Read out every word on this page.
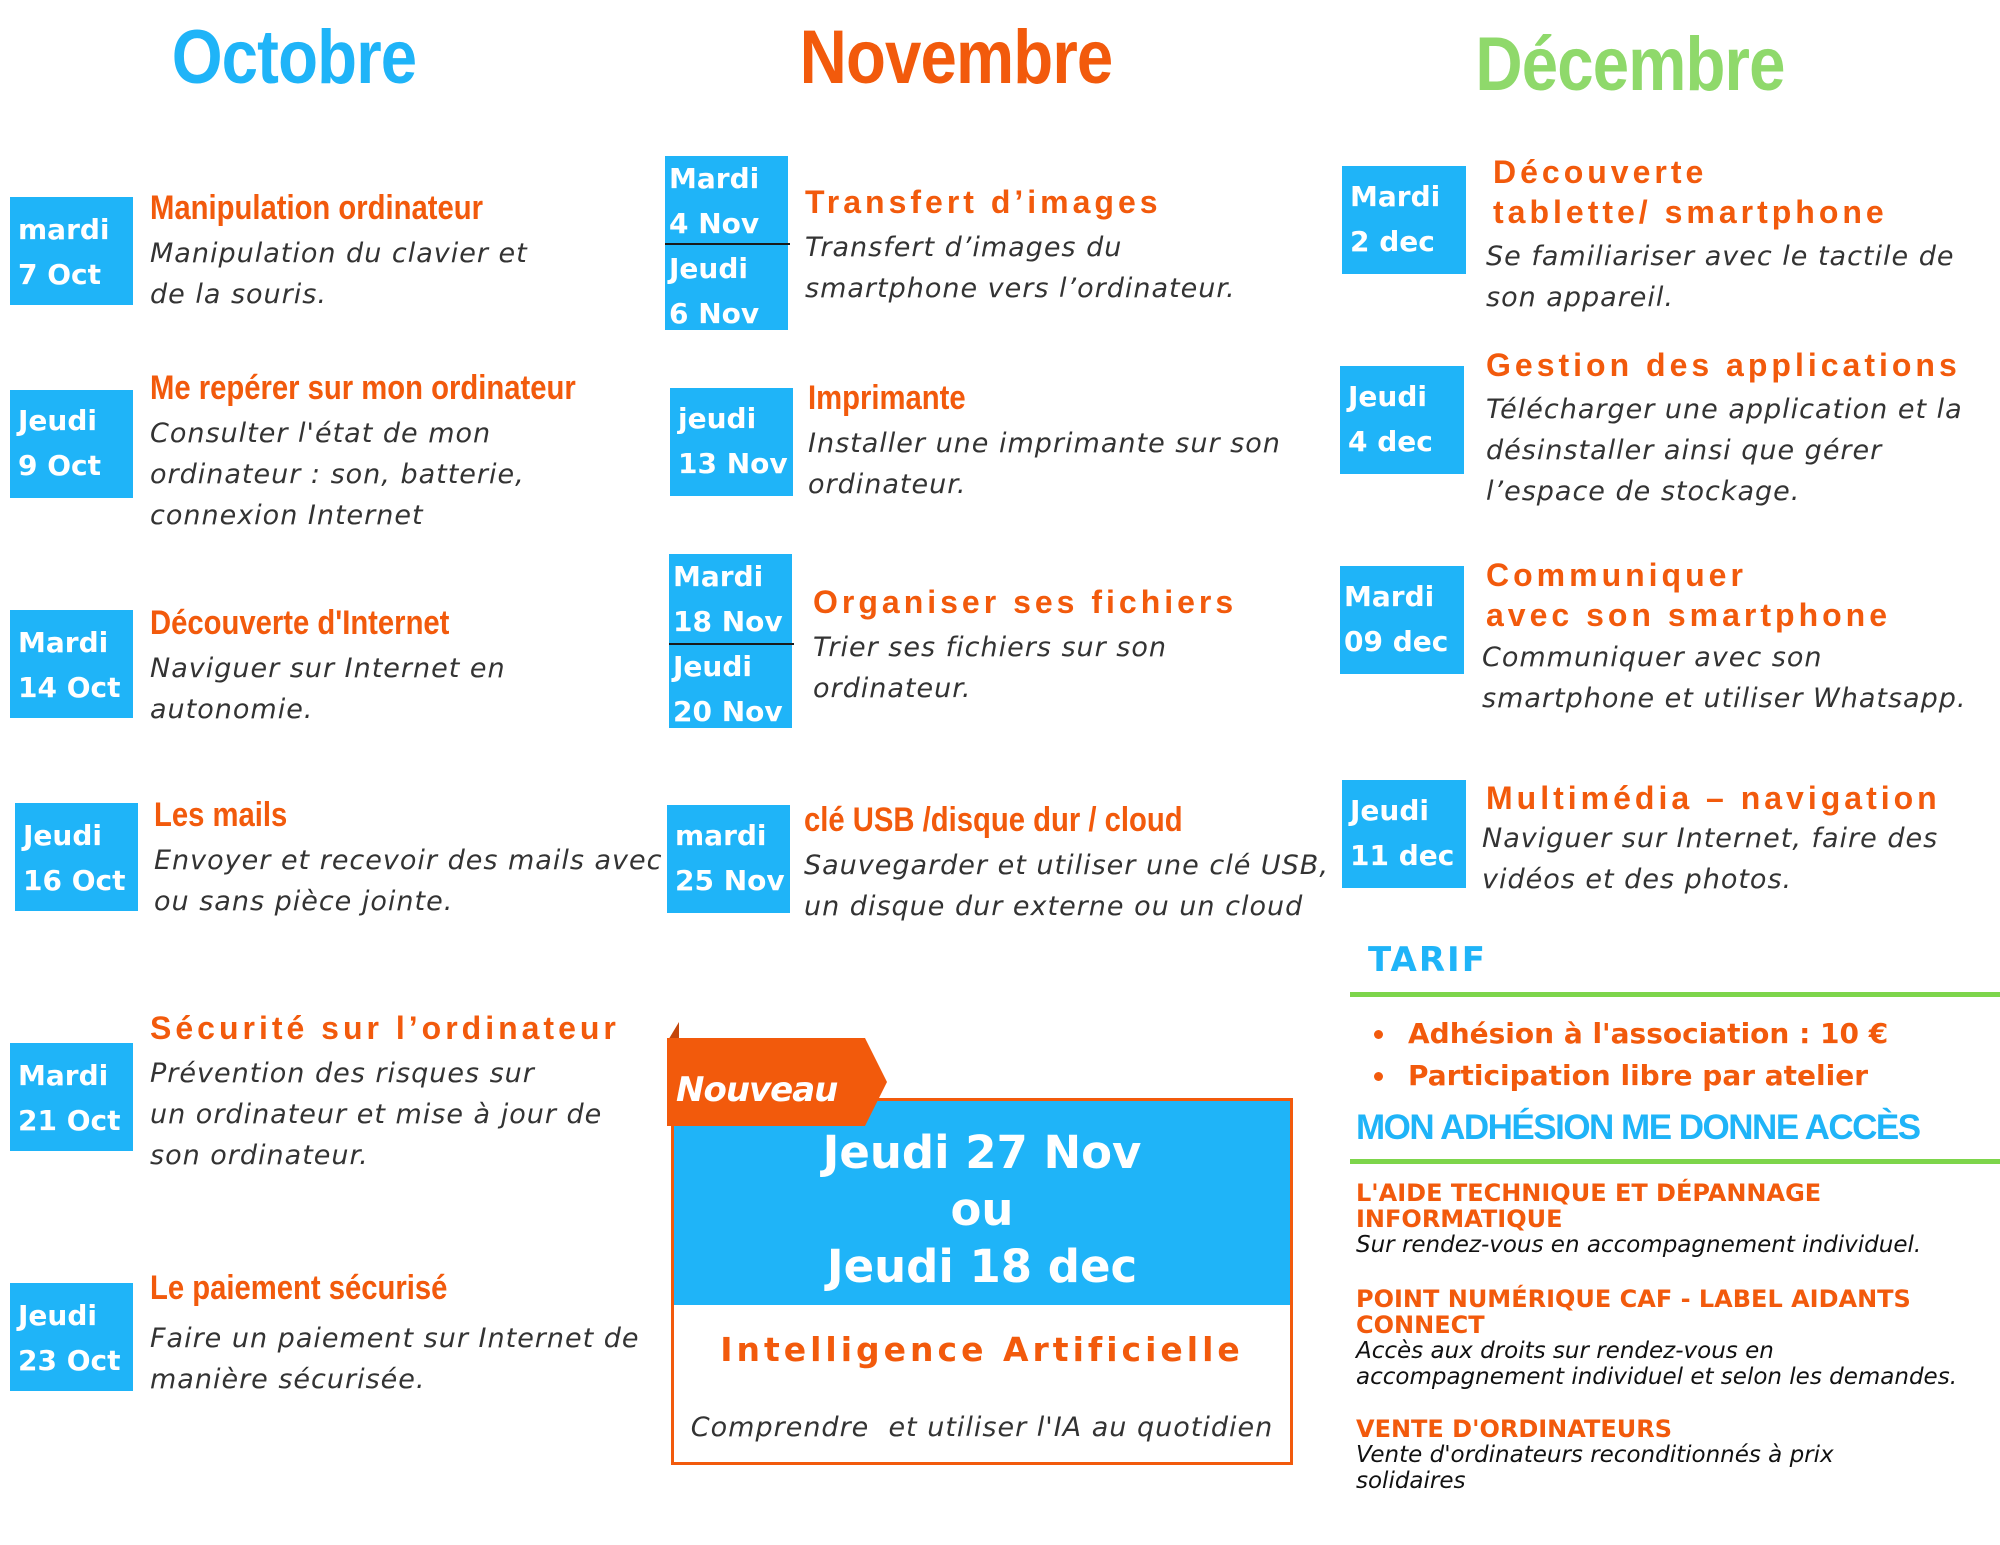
Octobre	Novembre	Décembre
mardi
7 Oct
Manipulation ordinateur
Manipulation du clavier et
de la souris.
Jeudi
9 Oct
Me repérer sur mon ordinateur
Consulter l'état de mon
ordinateur : son, batterie,
connexion Internet
Mardi
14 Oct
Découverte d'Internet
Naviguer sur Internet en
autonomie.
Jeudi
16 Oct
Les mails
Envoyer et recevoir des mails avec
ou sans pièce jointe.
Mardi
21 Oct
Sécurité sur l’ordinateur
Prévention des risques sur
un ordinateur et mise à jour de
son ordinateur.
Jeudi
23 Oct
Le paiement sécurisé
Faire un paiement sur Internet de
manière sécurisée.
Mardi
4 Nov
Jeudi
6 Nov
Transfert d’images
Transfert d’images du
smartphone vers l’ordinateur.
jeudi
13 Nov
Imprimante
Installer une imprimante sur son
ordinateur.
Mardi
18 Nov
Jeudi
20 Nov
Organiser ses fichiers
Trier ses fichiers sur son
ordinateur.
mardi
25 Nov
clé USB /disque dur / cloud
Sauvegarder et utiliser une clé USB,
un disque dur externe ou un cloud
Jeudi 27 Nov
ou
Jeudi 18 dec
Nouveau
Intelligence Artificielle
Comprendre  et utiliser l'IA au quotidien
Mardi
2 dec
Découverte
tablette/ smartphone
Se familiariser avec le tactile de
son appareil.
Jeudi
4 dec
Gestion des applications
Télécharger une application et la
désinstaller ainsi que gérer
l’espace de stockage.
Mardi
09 dec
Communiquer
avec son smartphone
Communiquer avec son
smartphone et utiliser Whatsapp.
Jeudi
11 dec
Multimédia – navigation
Naviguer sur Internet, faire des
vidéos et des photos.
TARIF
Adhésion à l'association : 10 €
Participation libre par atelier
MON ADHÉSION ME DONNE ACCÈS
L'AIDE TECHNIQUE ET DÉPANNAGE
INFORMATIQUE
Sur rendez-vous en accompagnement individuel.
POINT NUMÉRIQUE CAF - LABEL AIDANTS
CONNECT
Accès aux droits sur rendez-vous en
accompagnement individuel et selon les demandes.
VENTE D'ORDINATEURS
Vente d'ordinateurs reconditionnés à prix
solidaires
